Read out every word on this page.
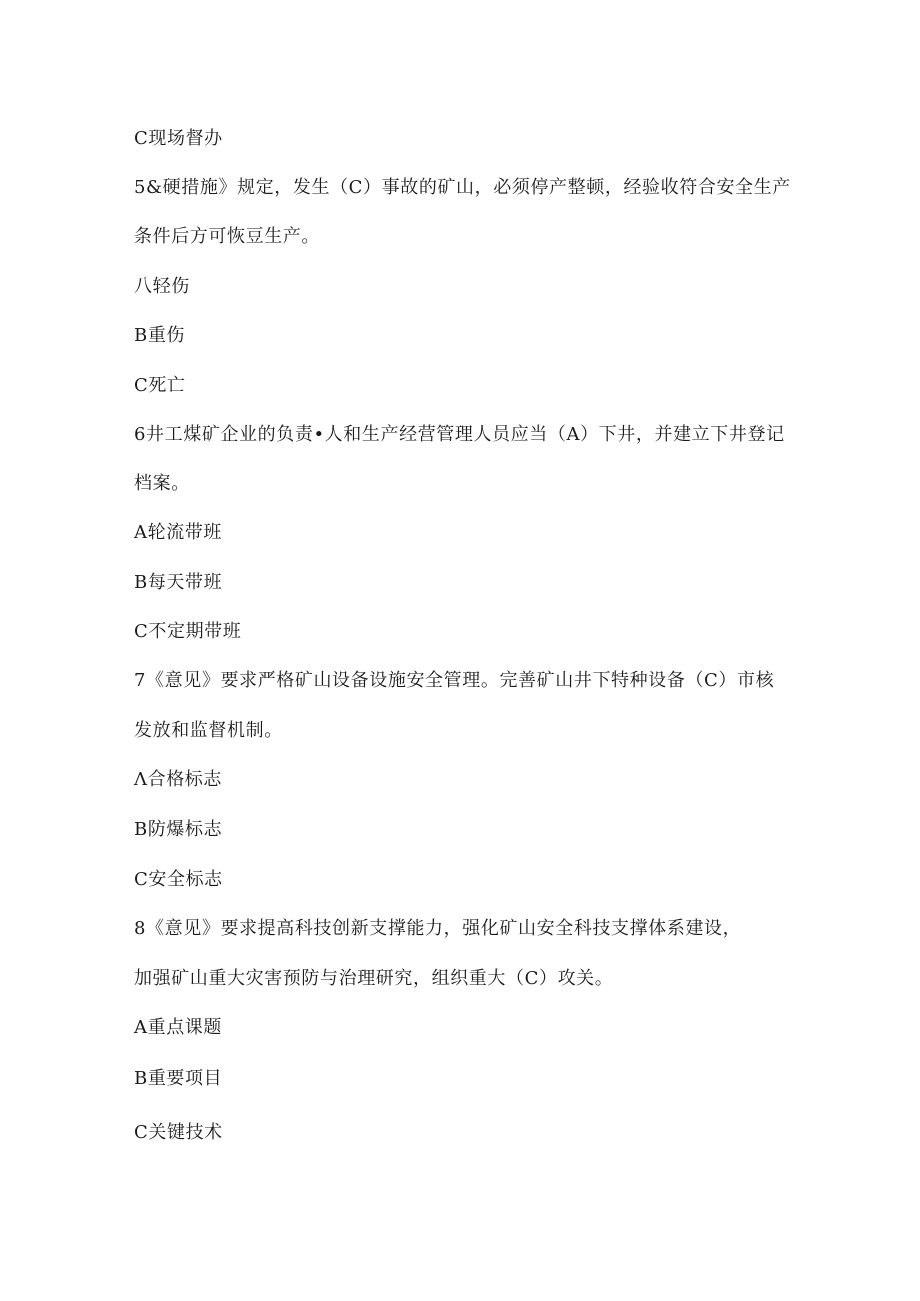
C现场督办
5&硬措施》规定，发生（C）事故的矿山，必须停产整顿，经验收符合安全生产
条件后方可恢豆生产。
八轻伤
B重伤
C死亡
6井工煤矿企业的负责•人和生产经营管理人员应当（A）下井，并建立下井登记
档案。
A轮流带班
B每天带班
C不定期带班
7《意见》要求严格矿山设备设施安全管理。完善矿山井下特种设备（C）市核
发放和监督机制。
Λ合格标志
B防爆标志
C安全标志
8《意见》要求提高科技创新支撑能力，强化矿山安全科技支撑体系建设，
加强矿山重大灾害预防与治理研究，组织重大（C）攻关。
A重点课题
B重要项目
C关键技术
